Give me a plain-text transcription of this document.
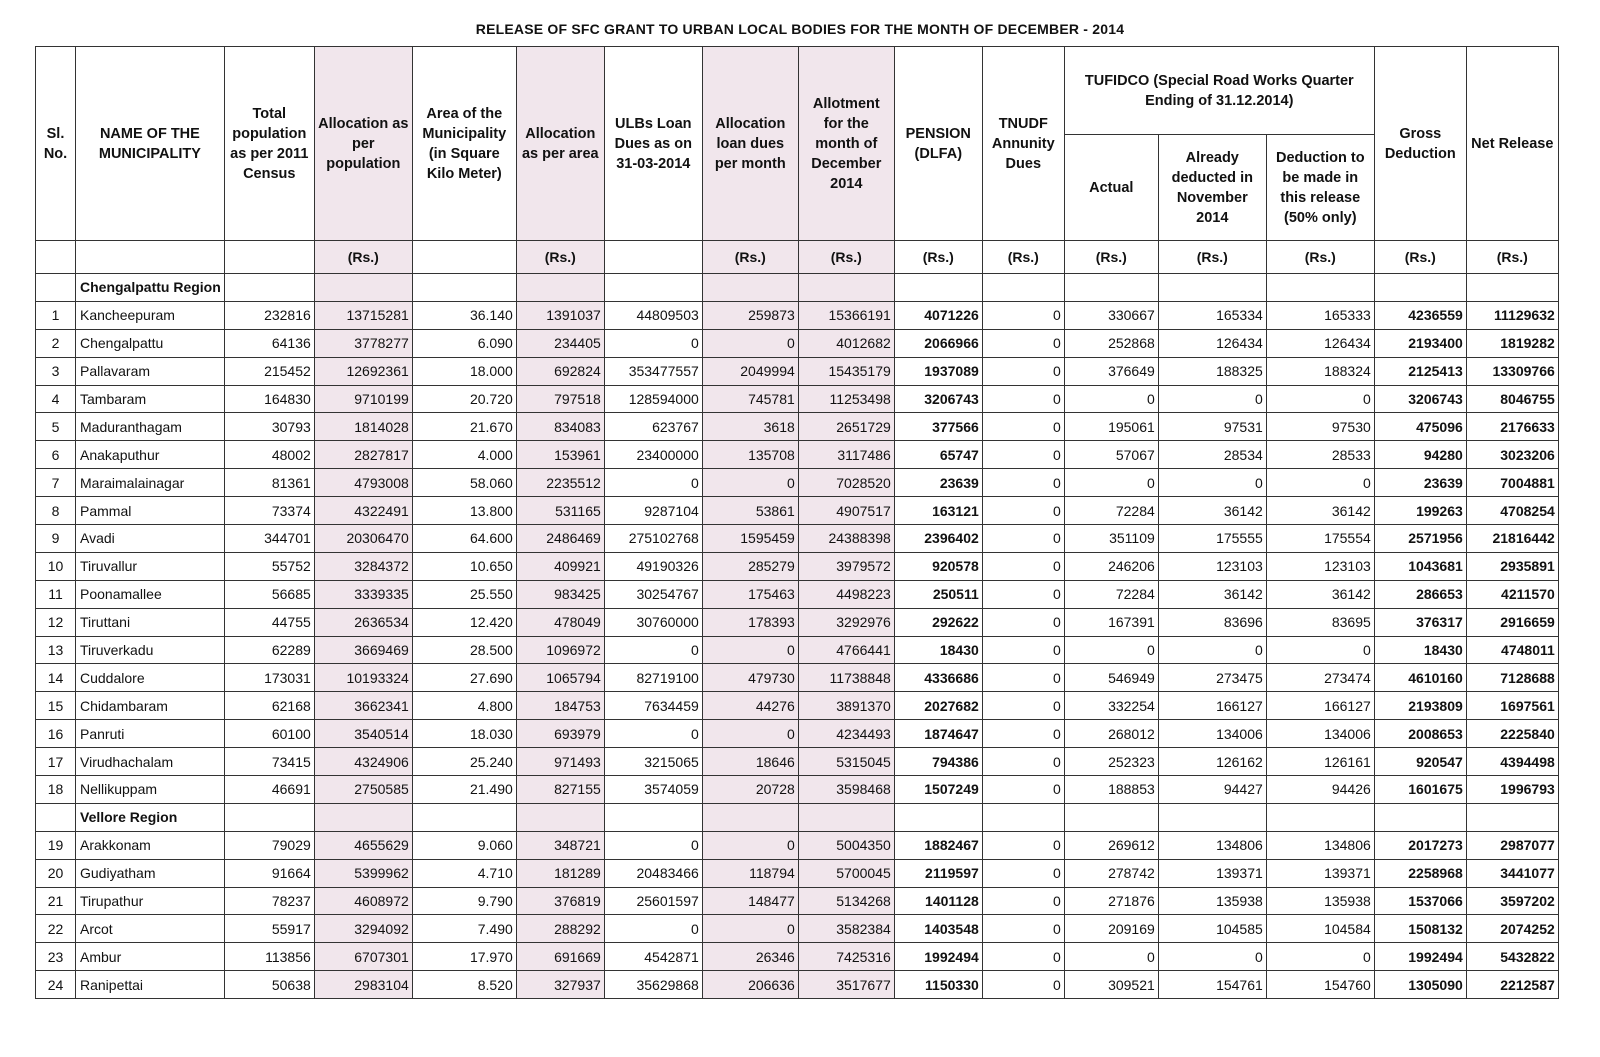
RELEASE OF SFC GRANT TO URBAN LOCAL BODIES FOR THE MONTH OF DECEMBER - 2014
Sl. No.	NAME OF THE MUNICIPALITY	Total population as per 2011 Census	Allocation as per population	Area of the Municipality (in Square Kilo Meter)	Allocation as per area	ULBs Loan Dues as on 31-03-2014	Allocation loan dues per month	Allotment for the month of December 2014	PENSION (DLFA)	TNUDF Annunity Dues	TUFIDCO (Special Road Works Quarter Ending of 31.12.2014)			Gross Deduction	Net Release
											Actual	Already deducted in November 2014	Deduction to be made in this release (50% only)		
			(Rs.)		(Rs.)		(Rs.)	(Rs.)	(Rs.)	(Rs.)	(Rs.)	(Rs.)	(Rs.)	(Rs.)	(Rs.)
	Chengalpattu Region														
1	Kancheepuram	232816	13715281	36.140	1391037	44809503	259873	15366191	4071226	0	330667	165334	165333	4236559	11129632
2	Chengalpattu	64136	3778277	6.090	234405	0	0	4012682	2066966	0	252868	126434	126434	2193400	1819282
3	Pallavaram	215452	12692361	18.000	692824	353477557	2049994	15435179	1937089	0	376649	188325	188324	2125413	13309766
4	Tambaram	164830	9710199	20.720	797518	128594000	745781	11253498	3206743	0	0	0	0	3206743	8046755
5	Maduranthagam	30793	1814028	21.670	834083	623767	3618	2651729	377566	0	195061	97531	97530	475096	2176633
6	Anakaputhur	48002	2827817	4.000	153961	23400000	135708	3117486	65747	0	57067	28534	28533	94280	3023206
7	Maraimalainagar	81361	4793008	58.060	2235512	0	0	7028520	23639	0	0	0	0	23639	7004881
8	Pammal	73374	4322491	13.800	531165	9287104	53861	4907517	163121	0	72284	36142	36142	199263	4708254
9	Avadi	344701	20306470	64.600	2486469	275102768	1595459	24388398	2396402	0	351109	175555	175554	2571956	21816442
10	Tiruvallur	55752	3284372	10.650	409921	49190326	285279	3979572	920578	0	246206	123103	123103	1043681	2935891
11	Poonamallee	56685	3339335	25.550	983425	30254767	175463	4498223	250511	0	72284	36142	36142	286653	4211570
12	Tiruttani	44755	2636534	12.420	478049	30760000	178393	3292976	292622	0	167391	83696	83695	376317	2916659
13	Tiruverkadu	62289	3669469	28.500	1096972	0	0	4766441	18430	0	0	0	0	18430	4748011
14	Cuddalore	173031	10193324	27.690	1065794	82719100	479730	11738848	4336686	0	546949	273475	273474	4610160	7128688
15	Chidambaram	62168	3662341	4.800	184753	7634459	44276	3891370	2027682	0	332254	166127	166127	2193809	1697561
16	Panruti	60100	3540514	18.030	693979	0	0	4234493	1874647	0	268012	134006	134006	2008653	2225840
17	Virudhachalam	73415	4324906	25.240	971493	3215065	18646	5315045	794386	0	252323	126162	126161	920547	4394498
18	Nellikuppam	46691	2750585	21.490	827155	3574059	20728	3598468	1507249	0	188853	94427	94426	1601675	1996793
	Vellore Region														
19	Arakkonam	79029	4655629	9.060	348721	0	0	5004350	1882467	0	269612	134806	134806	2017273	2987077
20	Gudiyatham	91664	5399962	4.710	181289	20483466	118794	5700045	2119597	0	278742	139371	139371	2258968	3441077
21	Tirupathur	78237	4608972	9.790	376819	25601597	148477	5134268	1401128	0	271876	135938	135938	1537066	3597202
22	Arcot	55917	3294092	7.490	288292	0	0	3582384	1403548	0	209169	104585	104584	1508132	2074252
23	Ambur	113856	6707301	17.970	691669	4542871	26346	7425316	1992494	0	0	0	0	1992494	5432822
24	Ranipettai	50638	2983104	8.520	327937	35629868	206636	3517677	1150330	0	309521	154761	154760	1305090	2212587
